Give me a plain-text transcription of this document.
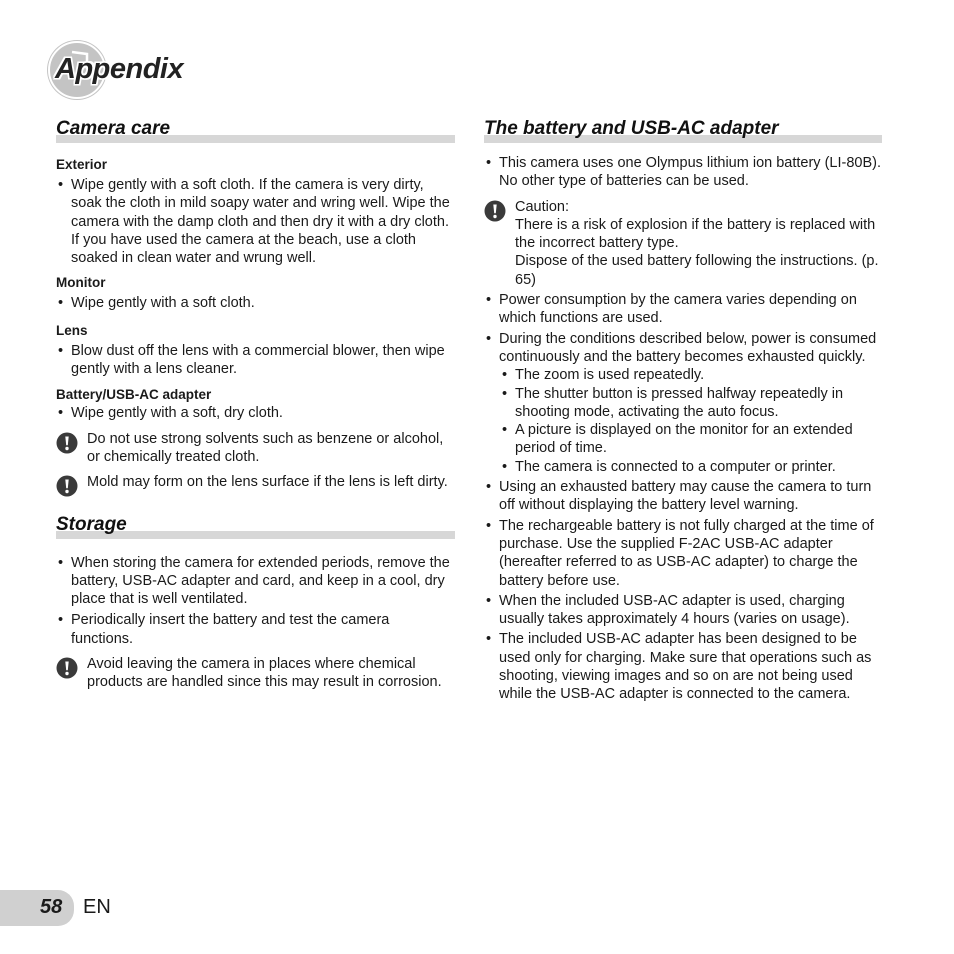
Appendix
Camera care

Exterior

• Wipe gently with a soft cloth. If the camera is very dirty, soak the cloth in mild soapy water and wring well. Wipe the camera with the damp cloth and then dry it with a dry cloth. If you have used the camera at the beach, use a cloth soaked in clean water and wrung well.

Monitor

• Wipe gently with a soft cloth.

Lens

• Blow dust off the lens with a commercial blower, then wipe gently with a lens cleaner.

Battery/USB-AC adapter

• Wipe gently with a soft, dry cloth.
Do not use strong solvents such as benzene or alcohol, or chemically treated cloth.
Mold may form on the lens surface if the lens is left dirty.
Storage
• When storing the camera for extended periods, remove the battery, USB-AC adapter and card, and keep in a cool, dry place that is well ventilated.
• Periodically insert the battery and test the camera functions.
Avoid leaving the camera in places where chemical products are handled since this may result in corrosion.
The battery and USB-AC adapter
• This camera uses one Olympus lithium ion battery (LI-80B). No other type of batteries can be used.
Caution:
There is a risk of explosion if the battery is replaced with the incorrect battery type.
Dispose of the used battery following the instructions. (p. 65)
• Power consumption by the camera varies depending on which functions are used.
• During the conditions described below, power is consumed continuously and the battery becomes exhausted quickly.
• The zoom is used repeatedly.
• The shutter button is pressed halfway repeatedly in shooting mode, activating the auto focus.
• A picture is displayed on the monitor for an extended period of time.
• The camera is connected to a computer or printer.
• Using an exhausted battery may cause the camera to turn off without displaying the battery level warning.
• The rechargeable battery is not fully charged at the time of purchase. Use the supplied F-2AC USB-AC adapter (hereafter referred to as USB-AC adapter) to charge the battery before use.
• When the included USB-AC adapter is used, charging usually takes approximately 4 hours (varies on usage).
• The included USB-AC adapter has been designed to be used only for charging. Make sure that operations such as shooting, viewing images and so on are not being used while the USB-AC adapter is connected to the camera.
58 EN
